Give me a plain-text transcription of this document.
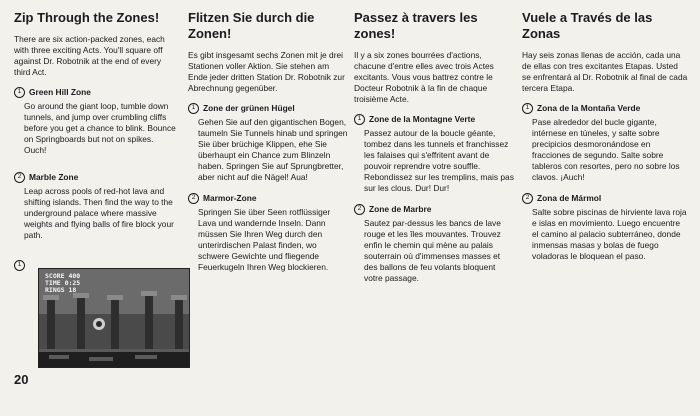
Zip Through the Zones!
There are six action-packed zones, each with three exciting Acts. You'll square off against Dr. Robotnik at the end of every third Act.
1 Green Hill Zone
Go around the giant loop, tumble down tunnels, and jump over crumbling cliffs before you get a chance to blink. Bounce on Springboards but not on spikes. Ouch!
2 Marble Zone
Leap across pools of red-hot lava and shifting islands. Then find the way to the underground palace where massive weights and flying balls of fire block your path.
1
SCORE 400
TIME 0:25
RINGS 18
20
Flitzen Sie durch die Zonen!
Es gibt insgesamt sechs Zonen mit je drei Stationen voller Aktion. Sie stehen am Ende jeder dritten Station Dr. Robotnik zur Abrechnung gegenüber.
1 Zone der grünen Hügel
Gehen Sie auf den gigantischen Bogen, taumeln Sie Tunnels hinab und springen Sie über brüchige Klippen, ehe Sie überhaupt ein Chance zum Blinzeln haben. Springen Sie auf Sprungbretter, aber nicht auf die Nägel! Aua!
2 Marmor-Zone
Springen Sie über Seen rotflüssiger Lava und wandernde Inseln. Dann müssen Sie Ihren Weg durch den unterirdischen Palast finden, wo schwere Gewichte und fliegende Feuerkugeln Ihren Weg blockieren.
Passez à travers les zones!
Il y a six zones bourrées d'actions, chacune d'entre elles avec trois Actes excitants. Vous vous battrez contre le Docteur Robotnik à la fin de chaque troisième Acte.
1 Zone de la Montagne Verte
Passez autour de la boucle géante, tombez dans les tunnels et franchissez les falaises qui s'effritent avant de pouvoir reprendre votre souffle. Rebondissez sur les tremplins, mais pas sur les clous. Dur! Dur!
2 Zone de Marbre
Sautez par-dessus les bancs de lave rouge et les îles mouvantes. Trouvez enfin le chemin qui mène au palais souterrain où d'immenses masses et des ballons de feu volants bloquent votre passage.
Vuele a Través de las Zonas
Hay seis zonas llenas de acción, cada una de ellas con tres excitantes Etapas. Usted se enfrentará al Dr. Robotnik al final de cada tercera Etapa.
1 Zona de la Montaña Verde
Pase alrededor del bucle gigante, intérnese en túneles, y salte sobre precipicios desmoronándose en fracciones de segundo. Salte sobre tableros con resortes, pero no sobre los clavos. ¡Auch!
2 Zona de Mármol
Salte sobre piscinas de hirviente lava roja e islas en movimiento. Luego encuentre el camino al palacio subterráneo, donde inmensas masas y bolas de fuego voladoras le bloquean el paso.
